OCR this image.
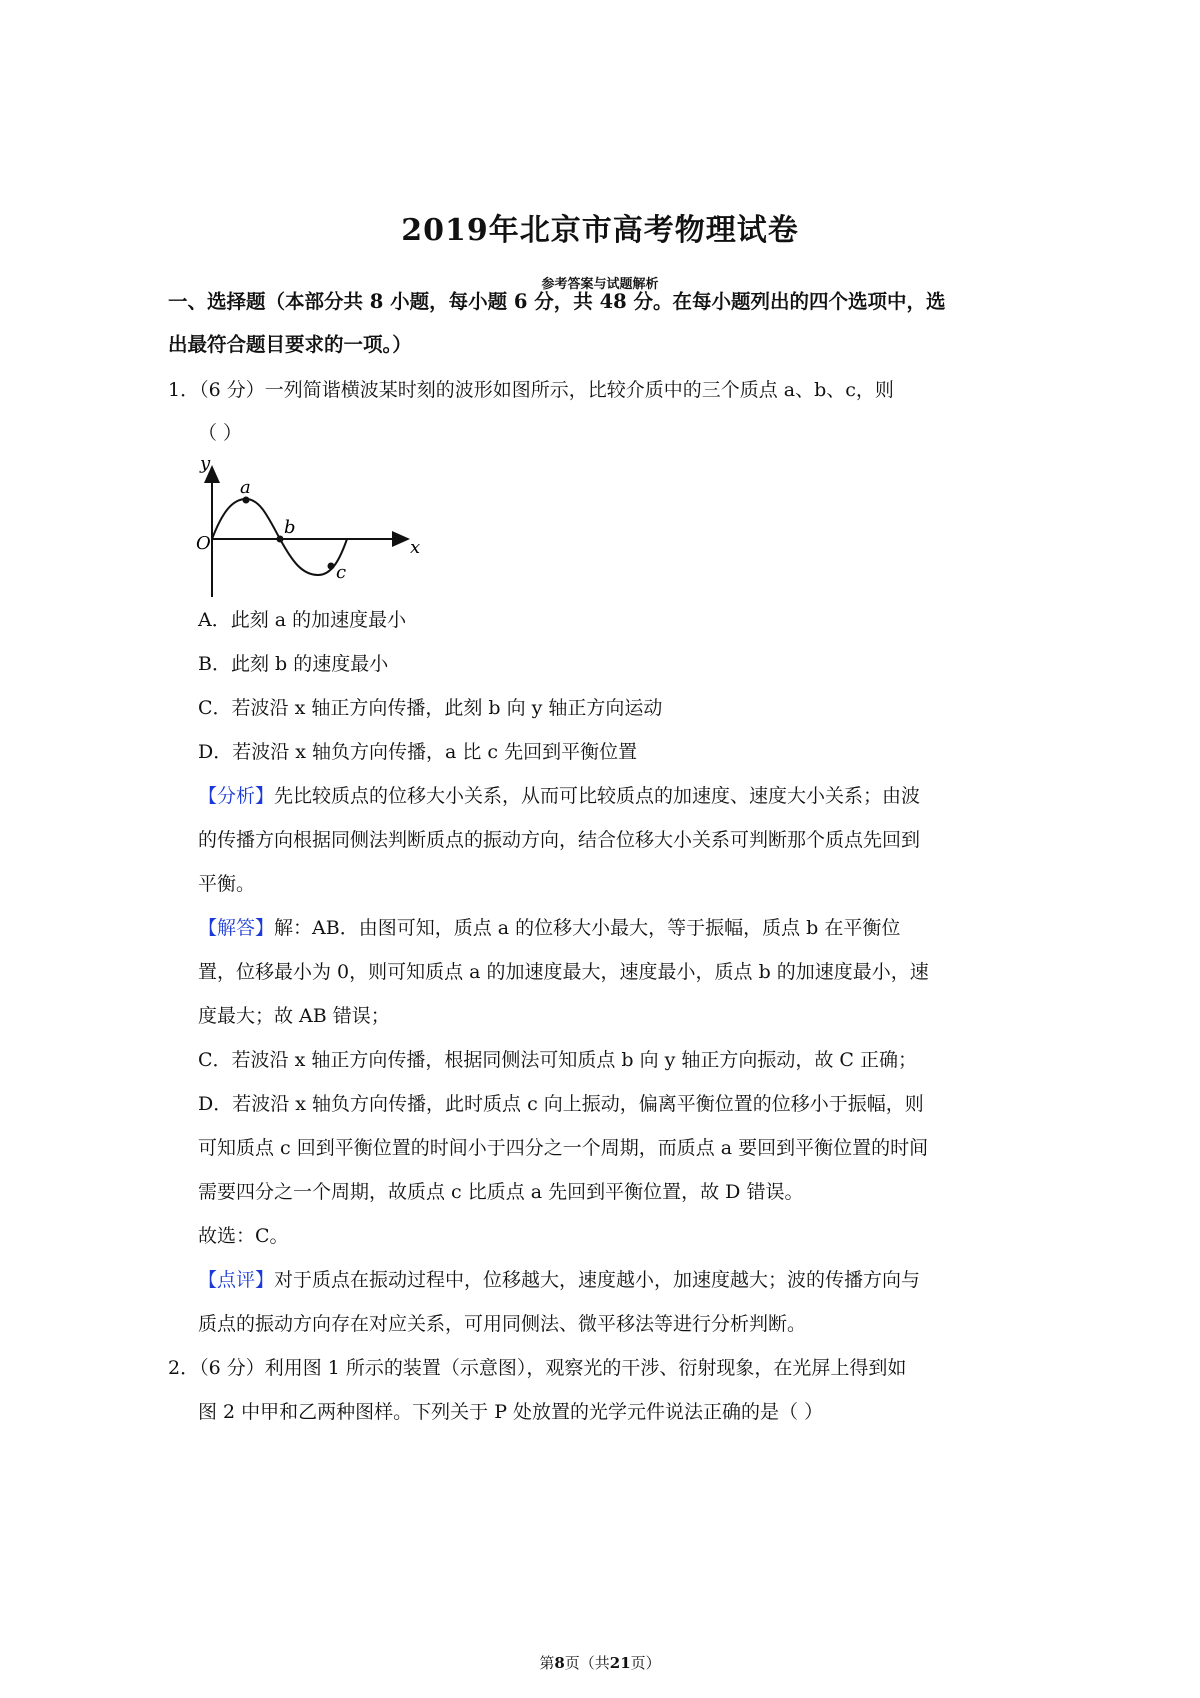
2019年北京市高考物理试卷
参考答案与试题解析
一、选择题（本部分共 8 小题，每小题 6 分，共 48 分。在每小题列出的四个选项中，选
出最符合题目要求的一项。）
1．（6 分）一列简谐横波某时刻的波形如图所示，比较介质中的三个质点 a、b、c，则
（ ）
y
x
O
a
b
c
A．此刻 a 的加速度最小
B．此刻 b 的速度最小
C．若波沿 x 轴正方向传播，此刻 b 向 y 轴正方向运动
D．若波沿 x 轴负方向传播，a 比 c 先回到平衡位置
【分析】先比较质点的位移大小关系，从而可比较质点的加速度、速度大小关系；由波
的传播方向根据同侧法判断质点的振动方向，结合位移大小关系可判断那个质点先回到
平衡。
【解答】解：AB．由图可知，质点 a 的位移大小最大，等于振幅，质点 b 在平衡位
置，位移最小为 0，则可知质点 a 的加速度最大，速度最小，质点 b 的加速度最小，速
度最大；故 AB 错误；
C．若波沿 x 轴正方向传播，根据同侧法可知质点 b 向 y 轴正方向振动，故 C 正确；
D．若波沿 x 轴负方向传播，此时质点 c 向上振动，偏离平衡位置的位移小于振幅，则
可知质点 c 回到平衡位置的时间小于四分之一个周期，而质点 a 要回到平衡位置的时间
需要四分之一个周期，故质点 c 比质点 a 先回到平衡位置，故 D 错误。
故选：C。
【点评】对于质点在振动过程中，位移越大，速度越小，加速度越大；波的传播方向与
质点的振动方向存在对应关系，可用同侧法、微平移法等进行分析判断。
2．（6 分）利用图 1 所示的装置（示意图），观察光的干涉、衍射现象，在光屏上得到如
图 2 中甲和乙两种图样。下列关于 P 处放置的光学元件说法正确的是（ ）
第8页（共21页）
